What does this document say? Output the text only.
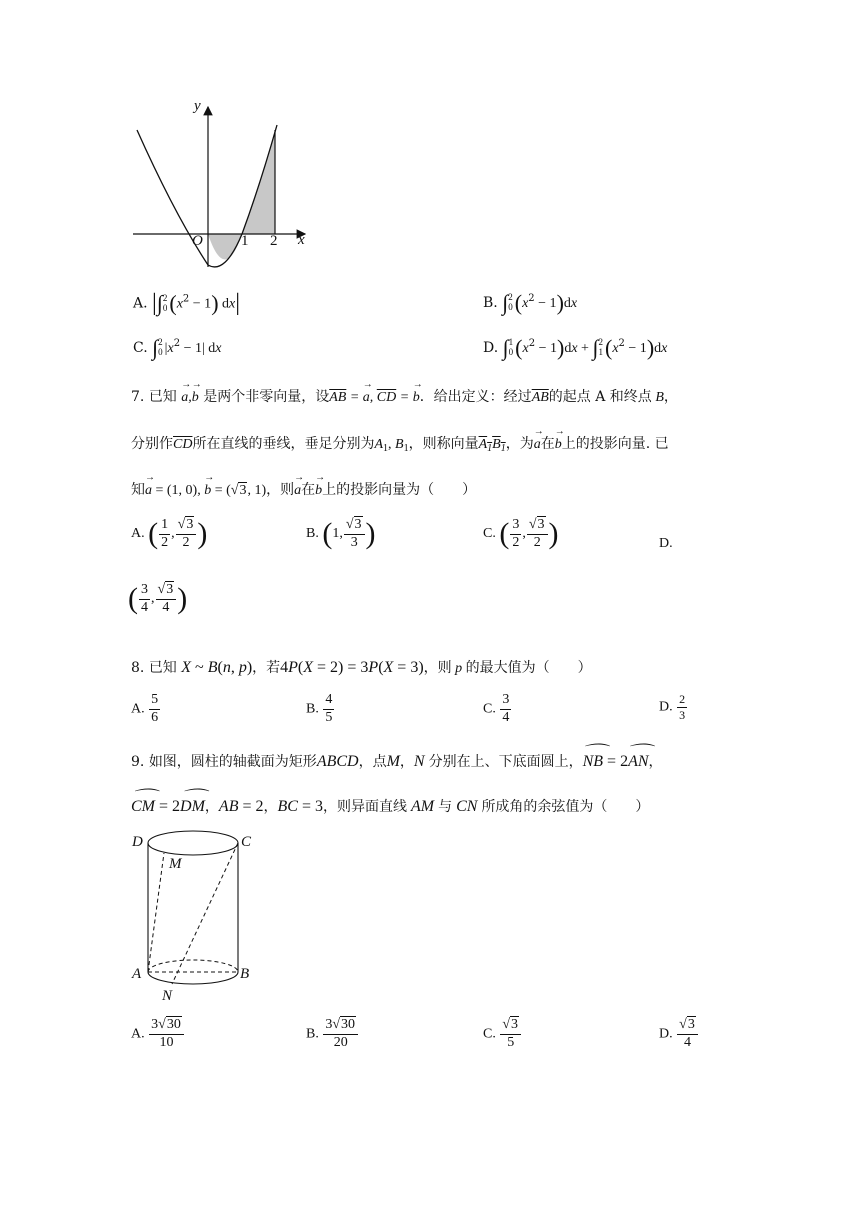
y
x
O	1 2
A. |∫ 2
0 $(x^2 - 1)$ dx|	B. ∫ 2
0 $(x^2 - 1)dx$
C. ∫ 2
0 $|x^2 - 1|$ dx	D. ∫ 1
0 $(x^2 - 1)dx$ + ∫ 2
1 $(x^2 - 1)dx$
7. 已知 → a,→ b 是两个非零向量，设$\overline{AB}$ = → a, $\overline{CD}$ = → b．给出定义：经过$\overline{AB}$的起点 A 和终点 B，
分别作$\overline{CD}$所在直线的垂线，垂足分别为$A_1$, $B_1$，则称向量$A_1B_1$，为→ a在→ b上的投影向量. 已
知→ a = (1, 0), → b = (√3, 1)，则→ a在→ b上的投影向量为（　　）
A. ( $\frac{1}{2}$ , $\frac{√3}{2}$ )	B. (1, $\frac{√3}{3}$ )	C. ( $\frac{3}{2}$ , $\frac{√3}{2}$ )	D.
( $\frac{3}{4}$ , $\frac{√3}{4}$ )
8. 已知 X ~ B(n, p)，若4P(X = 2) = 3P(X = 3)，则 p 的最大值为（　　）
A. $\frac{5}{6}$	B. $\frac{4}{5}$	C. $\frac{3}{4}$	D. $\frac{2}{3}$
9. 如图，圆柱的轴截面为矩形ABCD，点M，N 分别在上、下底面圆上，⌒ NB = 2⌒ AN，
⌒ CM = 2⌒ DM，AB = 2，BC = 3，则异面直线 AM 与 CN 所成角的余弦值为（　　）
D	C
M
A	B
N
A. $\frac{3√30}{10}$	B. $\frac{3√30}{20}$	C. $\frac{√3}{5}$	D. $\frac{√3}{4}$
